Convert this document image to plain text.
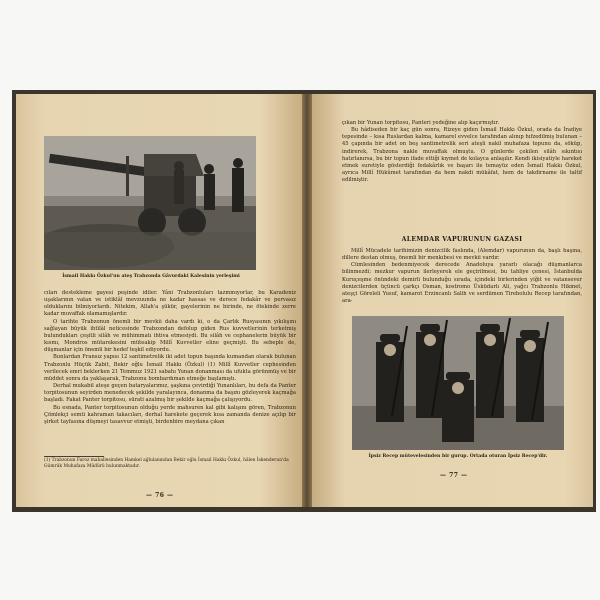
İsmail Hakkı Özkul'un ateş Trabzonda Gâvurdaki Kalesinin yerleşimi

cıları destekleme gayesi peşinde idiler. Yâni Trabzonluları tazmmıyorlar, bu Karadeniz uşaklarının vatan ve istiklâl mevzuunda ne kadar hassas ve derece fedakâr ve pervasız olduklarını bilmiyorlardı. Nitekim, Allah'a şükür, gayelerinin ne birinde, ne ötekinde zerre kadar muvaffak olamamışlardır.

O tarihte Trabzonun önemli bir mevkii daha vardı ki, o da Çarlık Rusyasının yıkılışını sağlayan büyük ihtilâl neticesinde Trabzondan defolup giden Rus kuvvetlerinin terketmiş bulundukları çeşitli silâh ve mühimmatı ihtiva etmesiydi. Bu silâh ve cephanelerin büyük bir kısmı, Mondros mütarekesini müteakip Millî Kuvvetler eline geçmişti. Bu sebeple de, düşmanlar için önemli bir hedef teşkil ediyordu.

Bunlardan Fransız yapısı 12 santimetrelik iki adet topun başında kumandan olarak bulunan Trabzonlu Hüçük Zabit, Bekir oğlu İsmail Hakkı (Özkul) (1) Millî Kuvvetler cephesinden verilecek emri beklerken 21 Temmuz 1921 sabahı Yunan donanması da ufukta görünmüş ve bir müddet sonra da yaklaşarak, Trabzonu bombardıman etmeğe başlamıştı.

Derhal mukabil ateşe geçen bataryalarımız, şaşkına çevirdiği Yunanlıları, bu defa da Panter torpitosunun seyirden menedecek şekilde yaralayınca, donanma da başını gözleyerek kaçmağa başladı. Fakat Panter torpitosu, sürati azalmış bir şekilde kaçmağa çalışıyordu.

Bu esnada, Panter torpitosunun olduğu yerde mahsuren kal gibi kalışını gören, Trabzonun Çömlekçi semti kahraman takacıları, derhal harekete geçerek kısa zamanda denize açılıp bir şirket tayfasına düşmeyi tasavvur etmişti, birdenbire meydana çıkan

(1) Trabzonun Faroz mahallesinden Hamkel ağlulanından Bekir oğlu İsmail Hakkı Özkul, hâlen İskenderun'da Gümrük Muhafaza Müdürü bulunmaktadır.

— 76 —

çıkan bir Yunan torpitosu, Panteri yedeğine alıp kaçırmıştır.

Bu hâdiseden bir kaç gün sonra, Rizeye giden İsmail Hakkı Özkul, orada da İradiye tepesinde – kısa Ruslardan kalma, kamarel evvelce tarafından alınıp hıfzedilmiş bulunan – 45 çapında bir adet on beş santimetrelik seri ateşli nakil muhafaza topunu da, söküp, indirerek, Trabzona nakle muvaffak olmuştu. O günlerde çekilen silâh sıkıntısı hatırlanırsa, bu bir topun ifade ettiği kıymet de kolayca anlaşılır. Kendi ikisiyatiyle hareket etmek suretiyle gösterdiği fedakârlık ve başarı ile temayüz eden İsmail Hakkı Özkul, ayrıca Millî Hükûmet tarafından da hem nakdi mükâfat, hem de takdirname ile taltif edilmiştir.

ALEMDAR VAPURUNUN GAZASI

Millî Mücadele tarihimizin denizcilik faslında, (Alemdar) vapurunun da, başlı başına, dillere destan olmuş, önemli bir menkıbesi ve mevkii vardır.

Cümlesinden bedenmiyecek derecede Anadoluya yararlı olacağı düşmanlarca bilinmezdi; mezkur vapurun ilerleyerek ele geçirilmesi, bu tahliye çenesi, İstanbulda Kuruçeşme önündeki demirli bulunduğu sırada, içindeki birlerinden yiğit ve vatansever denizcilerden üçüncü çarkçı Osman, kostromo Üsküdarlı Ali, yağcı Trabzonlu Hikmet, ateşçi Göreleli Yusuf, kamarot Erzincanlı Salih ve serdümen Tirebolulu Recep tarafından, ara-

İpsiz Recep mütevelesinden bir gurup. Ortada oturan İpsiz Recep'dir.
— 77 —
